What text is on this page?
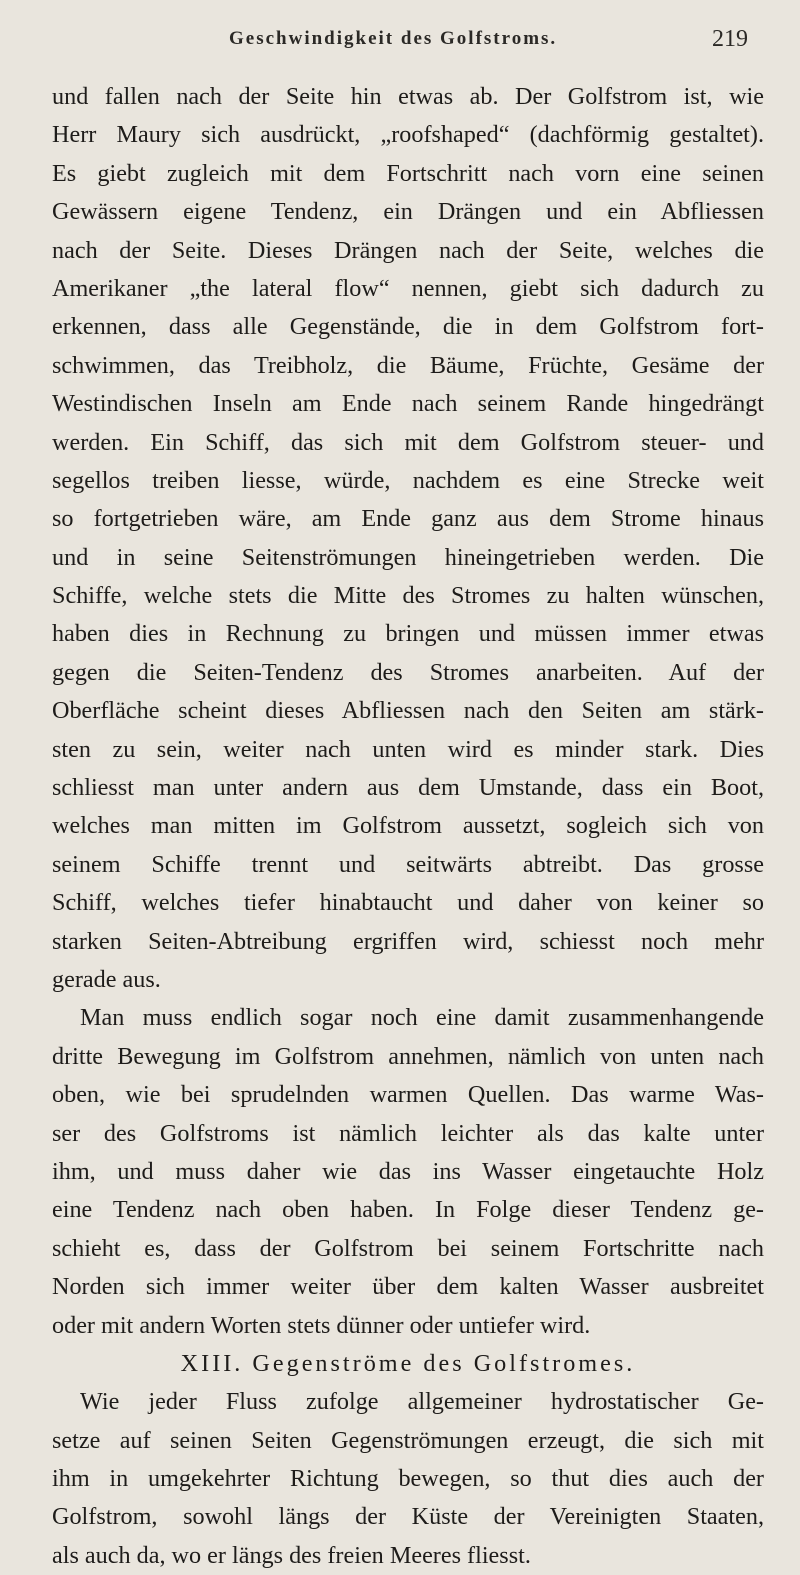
Geschwindigkeit des Golfstroms.	219
und fallen nach der Seite hin etwas ab. Der Golfstrom ist, wie
Herr Maury sich ausdrückt, „roofshaped“ (dachförmig gestaltet).
Es giebt zugleich mit dem Fortschritt nach vorn eine seinen
Gewässern eigene Tendenz, ein Drängen und ein Abfliessen
nach der Seite. Dieses Drängen nach der Seite, welches die
Amerikaner „the lateral flow“ nennen, giebt sich dadurch zu
erkennen, dass alle Gegenstände, die in dem Golfstrom fort-
schwimmen, das Treibholz, die Bäume, Früchte, Gesäme der
Westindischen Inseln am Ende nach seinem Rande hingedrängt
werden. Ein Schiff, das sich mit dem Golfstrom steuer- und
segellos treiben liesse, würde, nachdem es eine Strecke weit
so fortgetrieben wäre, am Ende ganz aus dem Strome hinaus
und in seine Seitenströmungen hineingetrieben werden. Die
Schiffe, welche stets die Mitte des Stromes zu halten wünschen,
haben dies in Rechnung zu bringen und müssen immer etwas
gegen die Seiten-Tendenz des Stromes anarbeiten. Auf der
Oberfläche scheint dieses Abfliessen nach den Seiten am stärk-
sten zu sein, weiter nach unten wird es minder stark. Dies
schliesst man unter andern aus dem Umstande, dass ein Boot,
welches man mitten im Golfstrom aussetzt, sogleich sich von
seinem Schiffe trennt und seitwärts abtreibt. Das grosse
Schiff, welches tiefer hinabtaucht und daher von keiner so
starken Seiten-Abtreibung ergriffen wird, schiesst noch mehr
gerade aus.
Man muss endlich sogar noch eine damit zusammenhangende
dritte Bewegung im Golfstrom annehmen, nämlich von unten nach
oben, wie bei sprudelnden warmen Quellen. Das warme Was-
ser des Golfstroms ist nämlich leichter als das kalte unter
ihm, und muss daher wie das ins Wasser eingetauchte Holz
eine Tendenz nach oben haben. In Folge dieser Tendenz ge-
schieht es, dass der Golfstrom bei seinem Fortschritte nach
Norden sich immer weiter über dem kalten Wasser ausbreitet
oder mit andern Worten stets dünner oder untiefer wird.
XIII. Gegenströme des Golfstromes.
Wie jeder Fluss zufolge allgemeiner hydrostatischer Ge-
setze auf seinen Seiten Gegenströmungen erzeugt, die sich mit
ihm in umgekehrter Richtung bewegen, so thut dies auch der
Golfstrom, sowohl längs der Küste der Vereinigten Staaten,
als auch da, wo er längs des freien Meeres fliesst.
